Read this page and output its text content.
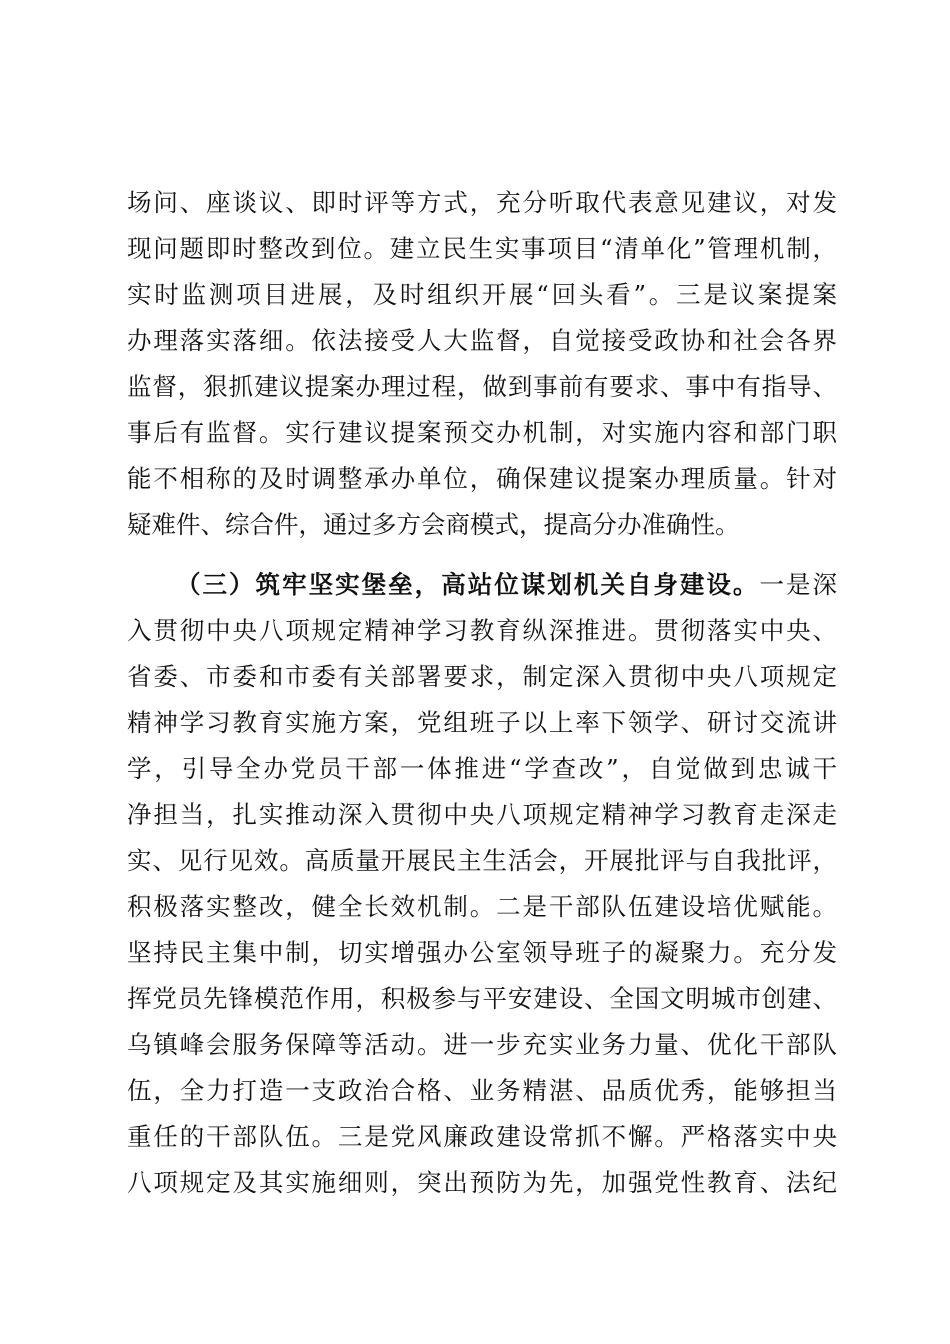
场问、座谈议、即时评等方式，充分听取代表意见建议，对发
现问题即时整改到位。建立民生实事项目“清单化”管理机制，
实时监测项目进展，及时组织开展“回头看”。三是议案提案
办理落实落细。依法接受人大监督，自觉接受政协和社会各界
监督，狠抓建议提案办理过程，做到事前有要求、事中有指导、
事后有监督。实行建议提案预交办机制，对实施内容和部门职
能不相称的及时调整承办单位，确保建议提案办理质量。针对
疑难件、综合件，通过多方会商模式，提高分办准确性。
（三）筑牢坚实堡垒，高站位谋划机关自身建设。一是深
入贯彻中央八项规定精神学习教育纵深推进。贯彻落实中央、
省委、市委和市委有关部署要求，制定深入贯彻中央八项规定
精神学习教育实施方案，党组班子以上率下领学、研讨交流讲
学，引导全办党员干部一体推进“学查改”，自觉做到忠诚干
净担当，扎实推动深入贯彻中央八项规定精神学习教育走深走
实、见行见效。高质量开展民主生活会，开展批评与自我批评，
积极落实整改，健全长效机制。二是干部队伍建设培优赋能。
坚持民主集中制，切实增强办公室领导班子的凝聚力。充分发
挥党员先锋模范作用，积极参与平安建设、全国文明城市创建、
乌镇峰会服务保障等活动。进一步充实业务力量、优化干部队
伍，全力打造一支政治合格、业务精湛、品质优秀，能够担当
重任的干部队伍。三是党风廉政建设常抓不懈。严格落实中央
八项规定及其实施细则，突出预防为先，加强党性教育、法纪
